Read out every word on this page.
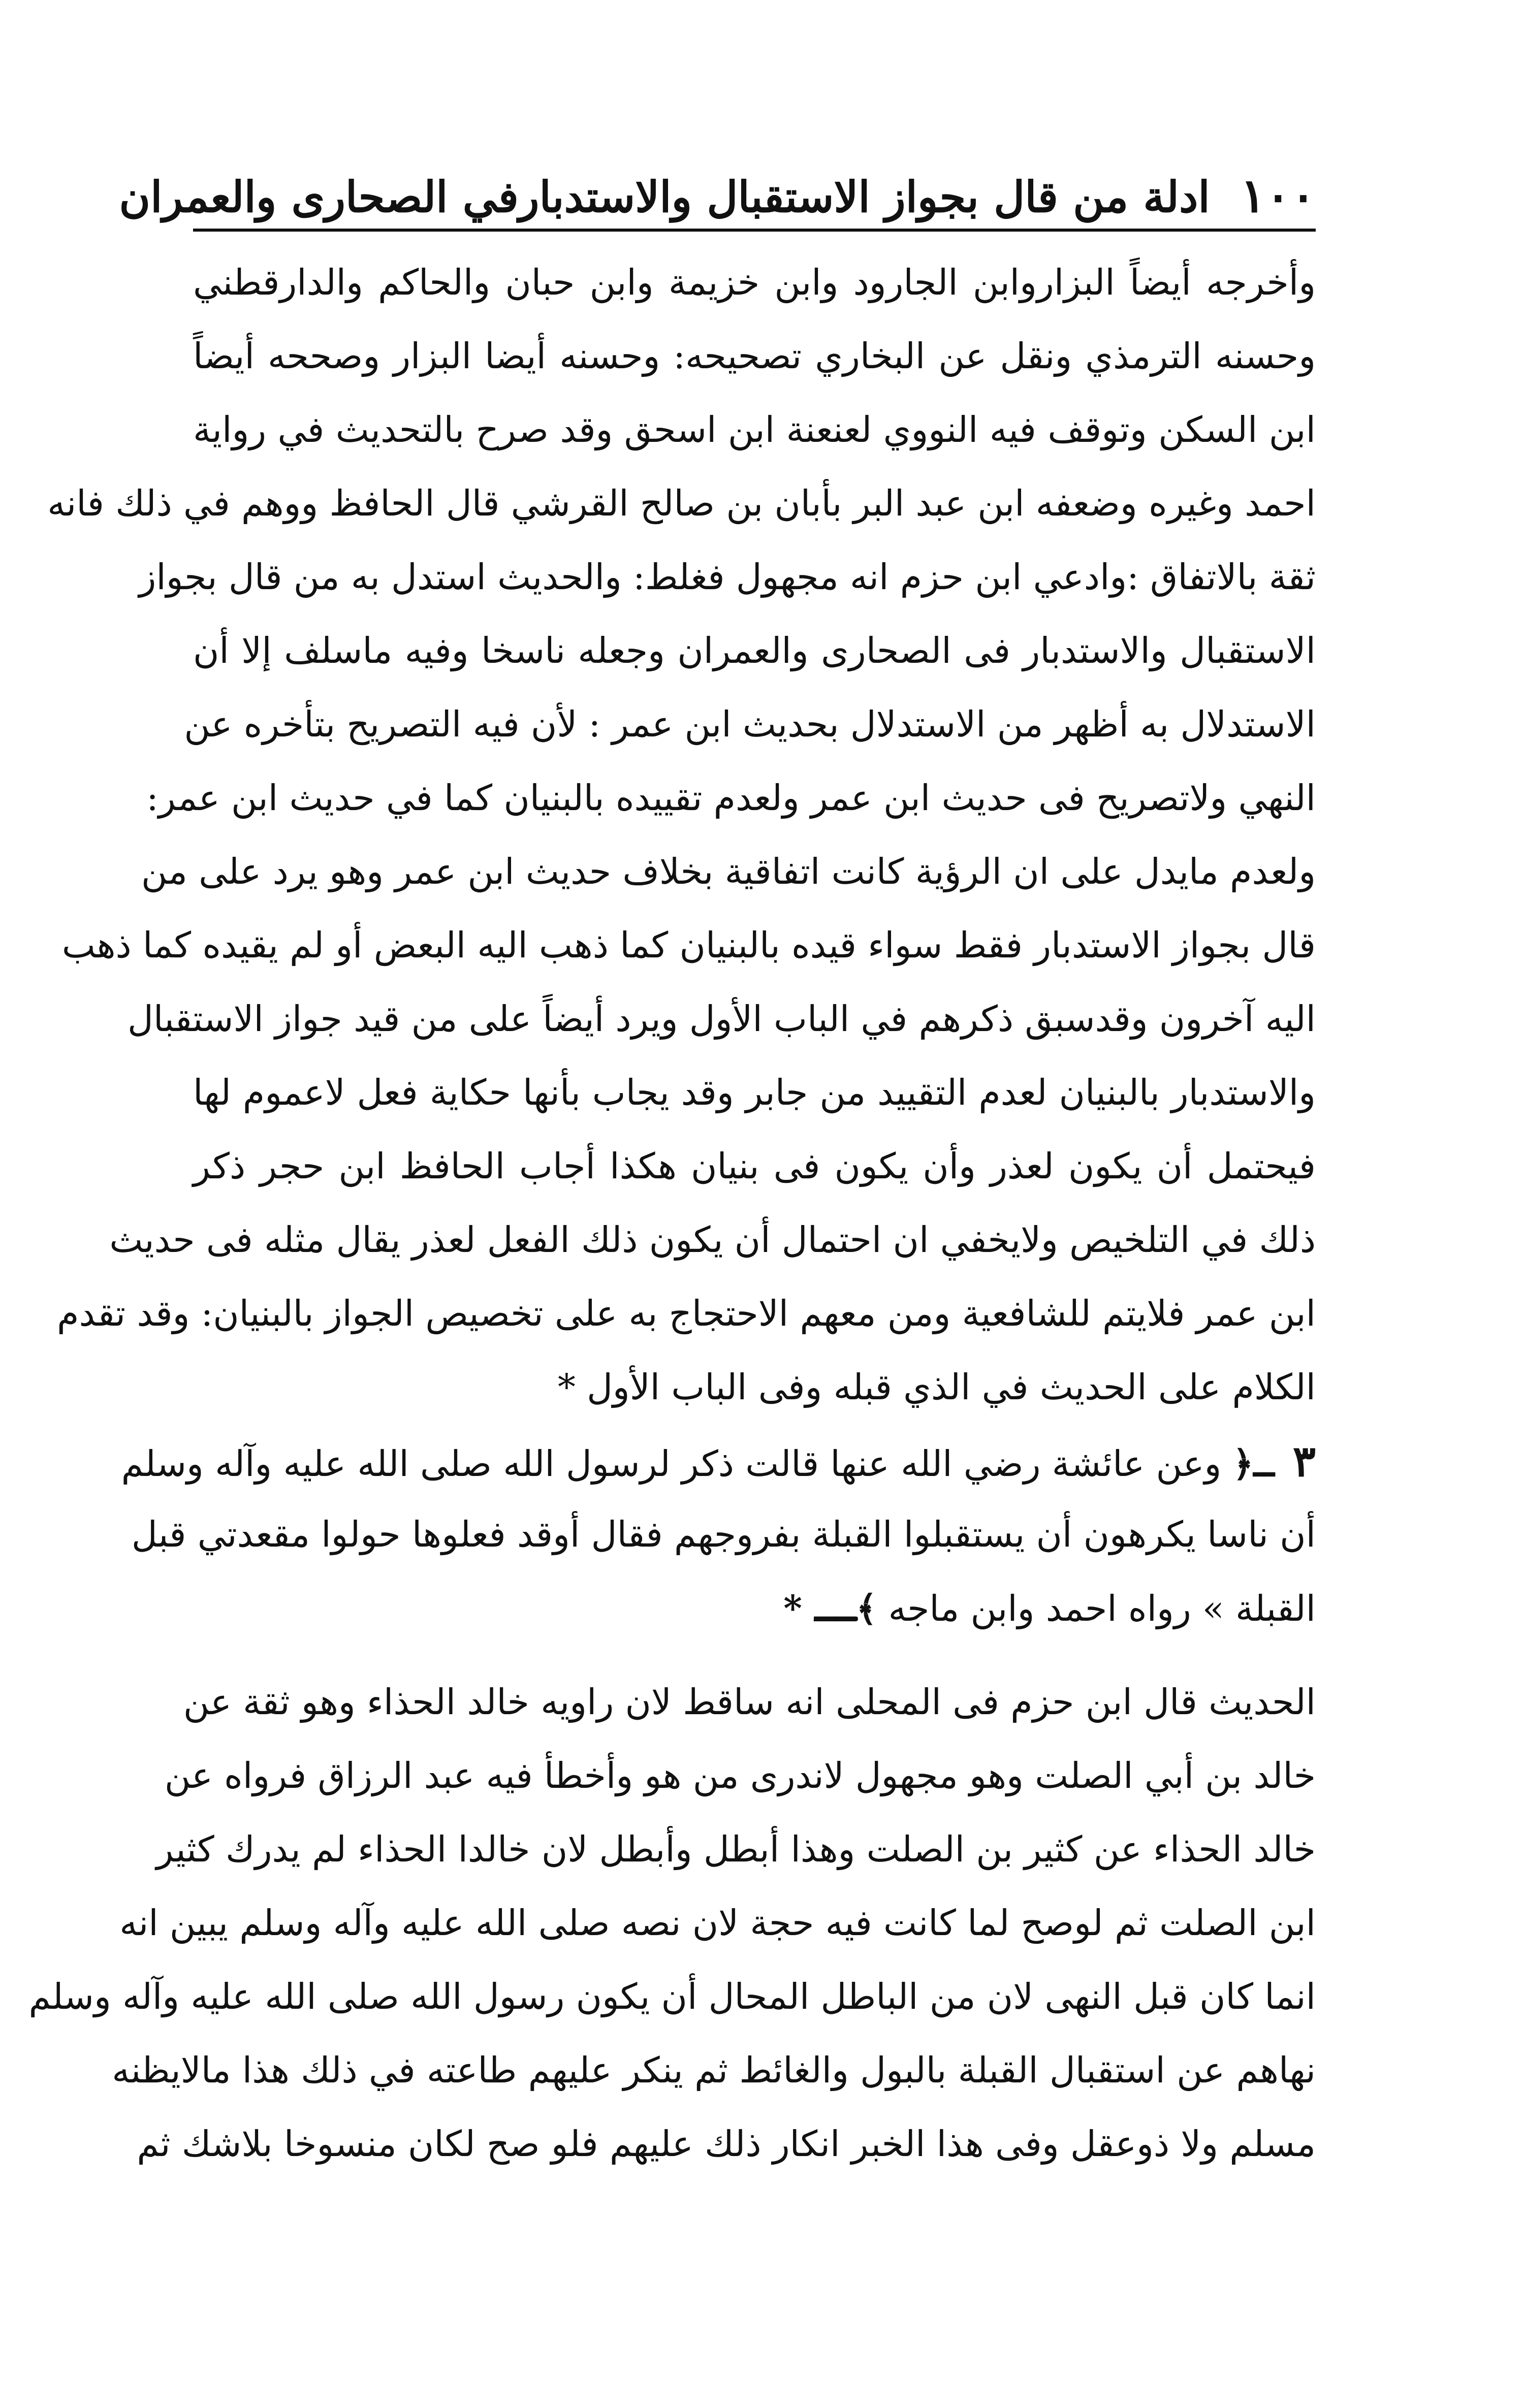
١٠٠
ادلة من قال بجواز الاستقبال والاستدبارفي الصحارى والعمران
وأخرجه أيضاً البزاروابن الجارود وابن خزيمة وابن حبان والحاكم والدارقطني
وحسنه الترمذي ونقل عن البخاري تصحيحه: وحسنه أيضا البزار وصححه أيضاً
ابن السكن وتوقف فيه النووي لعنعنة ابن اسحق وقد صرح بالتحديث في رواية
احمد وغيره وضعفه ابن عبد البر بأبان بن صالح القرشي قال الحافظ ووهم في ذلك فانه
ثقة بالاتفاق :وادعي ابن حزم انه مجهول فغلط: والحديث استدل به من قال بجواز
الاستقبال والاستدبار فى الصحارى والعمران وجعله ناسخا وفيه ماسلف إلا أن
الاستدلال به أظهر من الاستدلال بحديث ابن عمر : لأن فيه التصريح بتأخره عن
النهي ولاتصريح فى حديث ابن عمر ولعدم تقييده بالبنيان كما في حديث ابن عمر:
ولعدم مايدل على ان الرؤية كانت اتفاقية بخلاف حديث ابن عمر وهو يرد على من
قال بجواز الاستدبار فقط سواء قيده بالبنيان كما ذهب اليه البعض أو لم يقيده كما ذهب
اليه آخرون وقدسبق ذكرهم في الباب الأول ويرد أيضاً على من قيد جواز الاستقبال
والاستدبار بالبنيان لعدم التقييد من جابر وقد يجاب بأنها حكاية فعل لاعموم لها
فيحتمل أن يكون لعذر وأن يكون فى بنيان هكذا أجاب الحافظ ابن حجر ذكر
ذلك في التلخيص ولايخفي ان احتمال أن يكون ذلك الفعل لعذر يقال مثله فى حديث
ابن عمر فلايتم للشافعية ومن معهم الاحتجاج به على تخصيص الجواز بالبنيان: وقد تقدم
الكلام على الحديث في الذي قبله وفى الباب الأول *
٣ ــ﴿ وعن عائشة رضي الله عنها قالت ذكر لرسول الله صلى الله عليه وآله وسلم
أن ناسا يكرهون أن يستقبلوا القبلة بفروجهم فقال أوقد فعلوها حولوا مقعدتي قبل
القبلة » رواه احمد وابن ماجه ﴾ــ *
الحديث قال ابن حزم فى المحلى انه ساقط لان راويه خالد الحذاء وهو ثقة عن
خالد بن أبي الصلت وهو مجهول لاندرى من هو وأخطأ فيه عبد الرزاق فرواه عن
خالد الحذاء عن كثير بن الصلت وهذا أبطل وأبطل لان خالدا الحذاء لم يدرك كثير
ابن الصلت ثم لوصح لما كانت فيه حجة لان نصه صلى الله عليه وآله وسلم يبين انه
انما كان قبل النهى لان من الباطل المحال أن يكون رسول الله صلى الله عليه وآله وسلم
نهاهم عن استقبال القبلة بالبول والغائط ثم ينكر عليهم طاعته في ذلك هذا مالايظنه
مسلم ولا ذوعقل وفى هذا الخبر انكار ذلك عليهم فلو صح لكان منسوخا بلاشك ثم
